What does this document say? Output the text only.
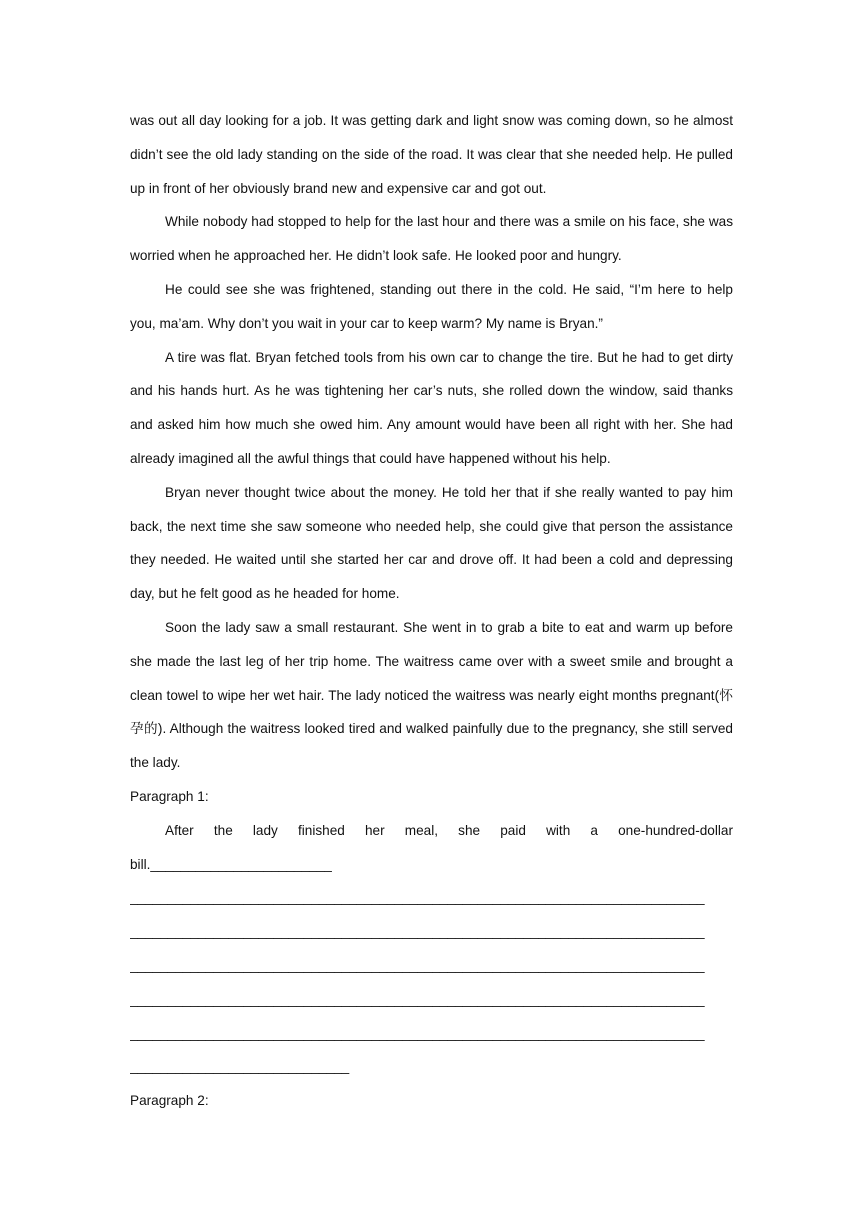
was out all day looking for a job. It was getting dark and light snow was coming down, so he almost didn’t see the old lady standing on the side of the road. It was clear that she needed help. He pulled up in front of her obviously brand new and expensive car and got out.

While nobody had stopped to help for the last hour and there was a smile on his face, she was worried when he approached her. He didn’t look safe. He looked poor and hungry.

He could see she was frightened, standing out there in the cold. He said, “I’m here to help you, ma’am. Why don’t you wait in your car to keep warm? My name is Bryan.”

A tire was flat. Bryan fetched tools from his own car to change the tire. But he had to get dirty and his hands hurt. As he was tightening her car’s nuts, she rolled down the window, said thanks and asked him how much she owed him. Any amount would have been all right with her. She had already imagined all the awful things that could have happened without his help.

Bryan never thought twice about the money. He told her that if she really wanted to pay him back, the next time she saw someone who needed help, she could give that person the assistance they needed. He waited until she started her car and drove off. It had been a cold and depressing day, but he felt good as he headed for home.

Soon the lady saw a small restaurant. She went in to grab a bite to eat and warm up before she made the last leg of her trip home. The waitress came over with a sweet smile and brought a clean towel to wipe her wet hair. The lady noticed the waitress was nearly eight months pregnant(怀孕的). Although the waitress looked tired and walked painfully due to the pregnancy, she still served the lady.

Paragraph 1:

After the lady finished her meal, she paid with a one-hundred-dollar

bill.________________________

____________________________________________________________________________

____________________________________________________________________________

____________________________________________________________________________

____________________________________________________________________________

____________________________________________________________________________

_____________________________

Paragraph 2:
